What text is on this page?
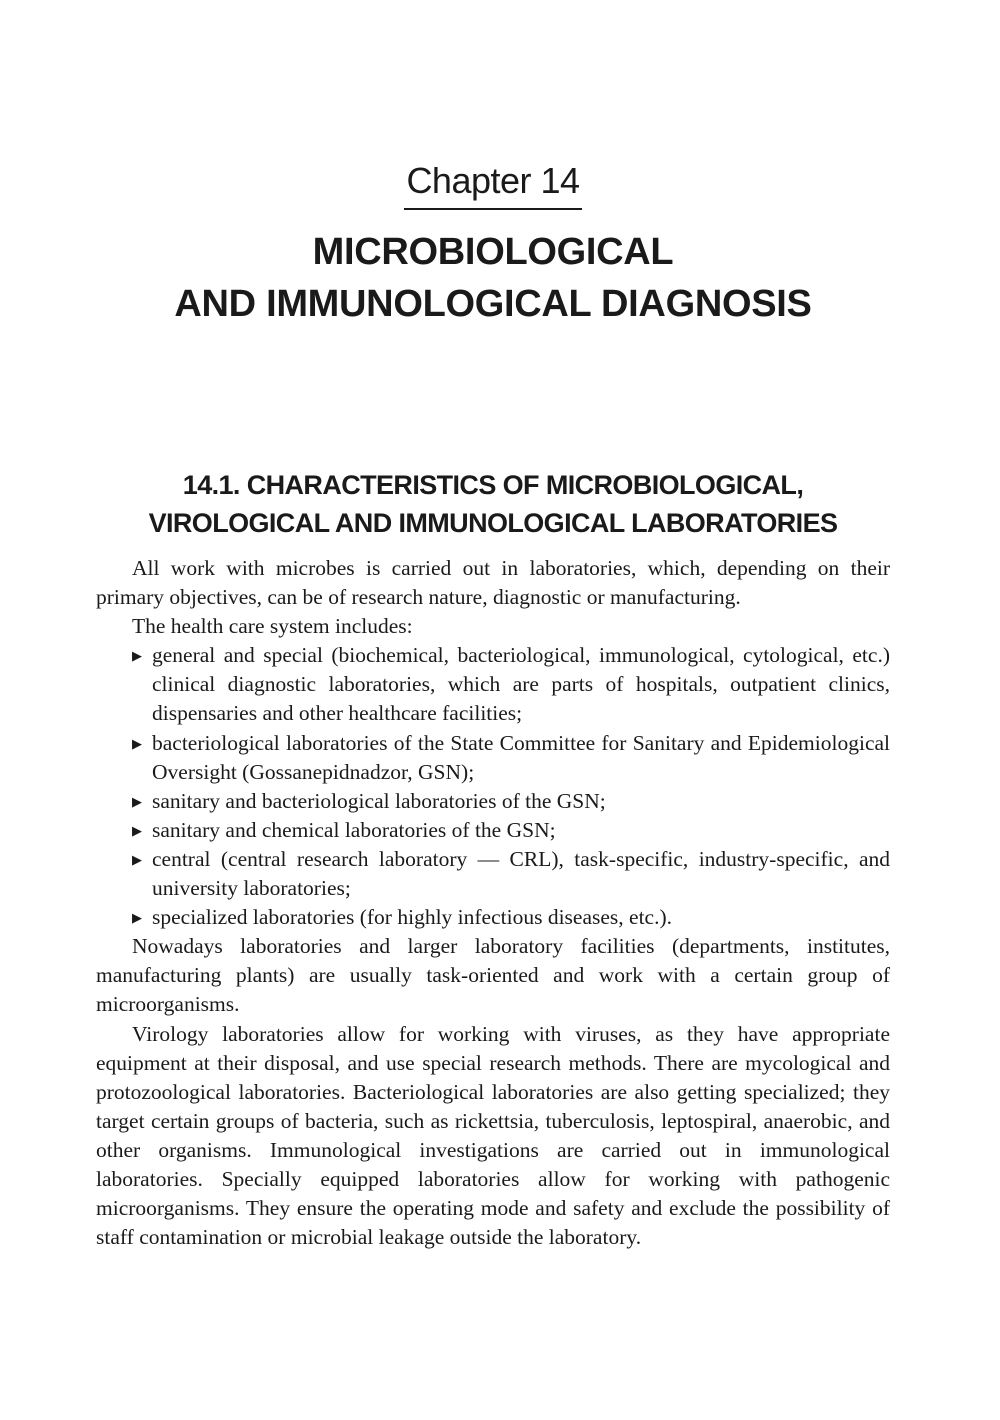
Chapter 14
MICROBIOLOGICAL
AND IMMUNOLOGICAL DIAGNOSIS
14.1. CHARACTERISTICS OF MICROBIOLOGICAL,
VIROLOGICAL AND IMMUNOLOGICAL LABORATORIES

All work with microbes is carried out in laboratories, which, depending on their primary objectives, can be of research nature, diagnostic or manufacturing.

The health care system includes:

▶ general and special (biochemical, bacteriological, immunological, cytological, etc.) clinical diagnostic laboratories, which are parts of hospitals, outpatient clinics, dispensaries and other healthcare facilities;
▶ bacteriological laboratories of the State Committee for Sanitary and Epidemiological Oversight (Gossanepidnadzor, GSN);
▶ sanitary and bacteriological laboratories of the GSN;
▶ sanitary and chemical laboratories of the GSN;
▶ central (central research laboratory — CRL), task-specific, industry-specific, and university laboratories;
▶ specialized laboratories (for highly infectious diseases, etc.).

Nowadays laboratories and larger laboratory facilities (departments, institutes, manufacturing plants) are usually task-oriented and work with a certain group of microorganisms.

Virology laboratories allow for working with viruses, as they have appropriate equipment at their disposal, and use special research methods. There are mycological and protozoological laboratories. Bacteriological laboratories are also getting specialized; they target certain groups of bacteria, such as rickettsia, tuberculosis, leptospiral, anaerobic, and other organisms. Immunological investigations are carried out in immunological laboratories. Specially equipped laboratories allow for working with pathogenic microorganisms. They ensure the operating mode and safety and exclude the possibility of staff contamination or microbial leakage outside the laboratory.
